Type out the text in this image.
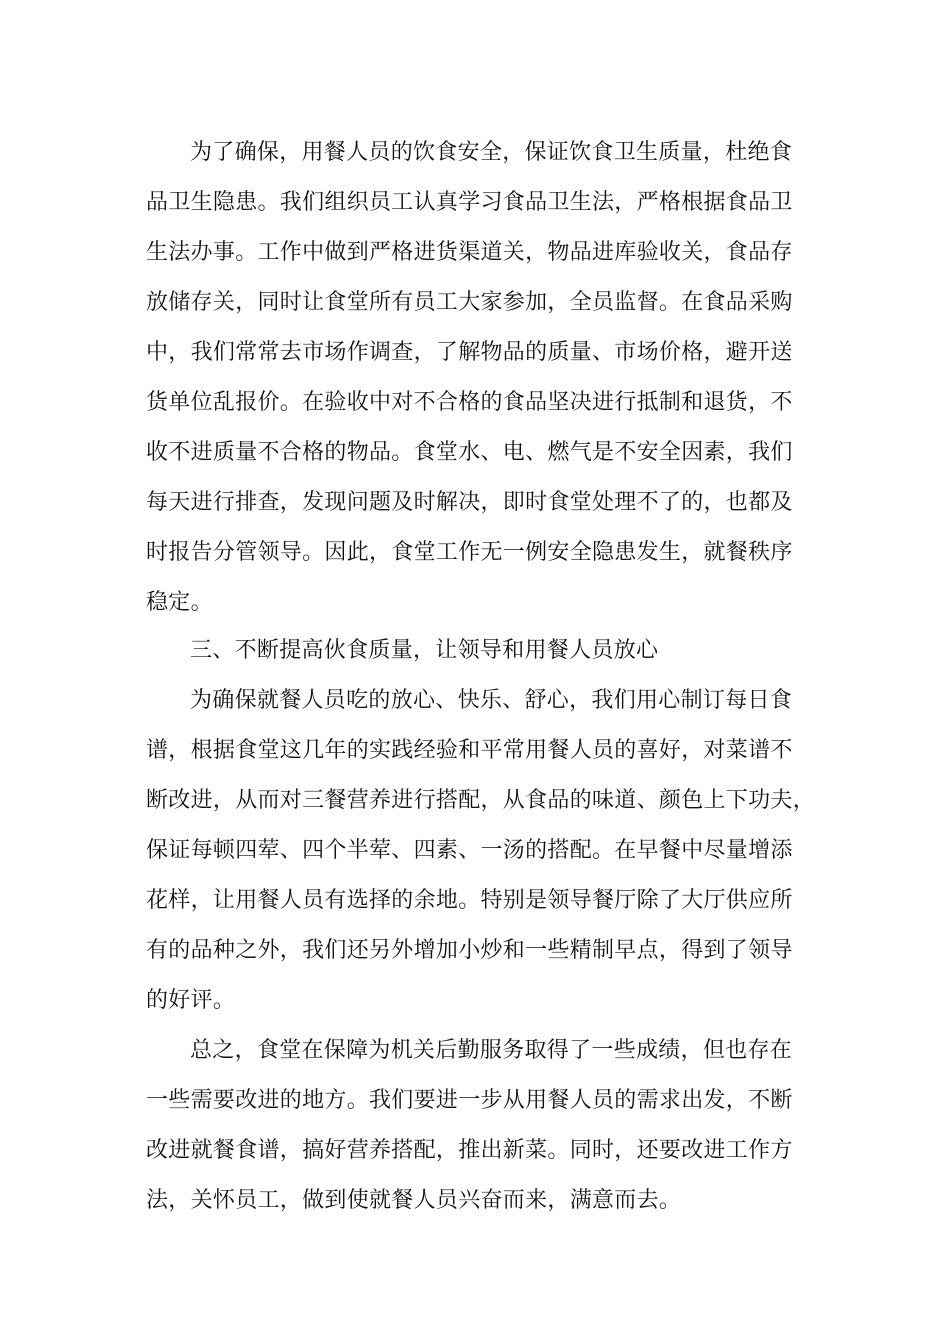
为了确保，用餐人员的饮食安全，保证饮食卫生质量，杜绝食
品卫生隐患。我们组织员工认真学习食品卫生法，严格根据食品卫
生法办事。工作中做到严格进货渠道关，物品进库验收关，食品存
放储存关，同时让食堂所有员工大家参加，全员监督。在食品采购
中，我们常常去市场作调查，了解物品的质量、市场价格，避开送
货单位乱报价。在验收中对不合格的食品坚决进行抵制和退货，不
收不进质量不合格的物品。食堂水、电、燃气是不安全因素，我们
每天进行排查，发现问题及时解决，即时食堂处理不了的，也都及
时报告分管领导。因此，食堂工作无一例安全隐患发生，就餐秩序
稳定。
三、不断提高伙食质量，让领导和用餐人员放心
为确保就餐人员吃的放心、快乐、舒心，我们用心制订每日食
谱，根据食堂这几年的实践经验和平常用餐人员的喜好，对菜谱不
断改进，从而对三餐营养进行搭配，从食品的味道、颜色上下功夫，
保证每顿四荤、四个半荤、四素、一汤的搭配。在早餐中尽量增添
花样，让用餐人员有选择的余地。特别是领导餐厅除了大厅供应所
有的品种之外，我们还另外增加小炒和一些精制早点，得到了领导
的好评。
总之，食堂在保障为机关后勤服务取得了一些成绩，但也存在
一些需要改进的地方。我们要进一步从用餐人员的需求出发，不断
改进就餐食谱，搞好营养搭配，推出新菜。同时，还要改进工作方
法，关怀员工，做到使就餐人员兴奋而来，满意而去。
